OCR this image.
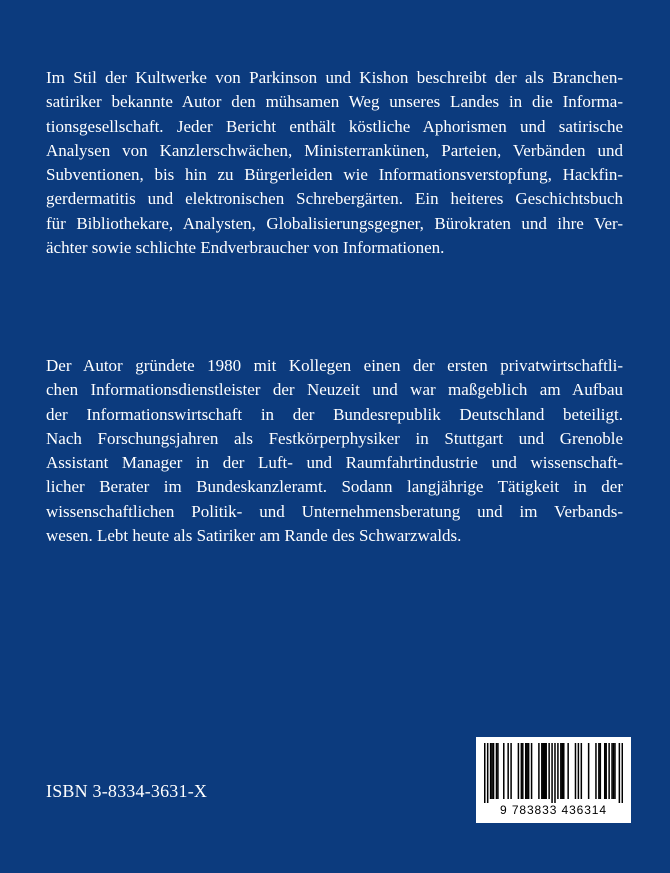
Im Stil der Kultwerke von Parkinson und Kishon beschreibt der als Branchen-
satiriker bekannte Autor den mühsamen Weg unseres Landes in die Informa-
tionsgesellschaft. Jeder Bericht enthält köstliche Aphorismen und satirische
Analysen von Kanzlerschwächen, Ministerrankünen, Parteien, Verbänden und
Subventionen, bis hin zu Bürgerleiden wie Informationsverstopfung, Hackfin-
gerdermatitis und elektronischen Schrebergärten. Ein heiteres Geschichtsbuch
für Bibliothekare, Analysten, Globalisierungsgegner, Bürokraten und ihre Ver-
ächter sowie schlichte Endverbraucher von Informationen.

Der Autor gründete 1980 mit Kollegen einen der ersten privatwirtschaftli-
chen Informationsdienstleister der Neuzeit und war maßgeblich am Aufbau
der Informationswirtschaft in der Bundesrepublik Deutschland beteiligt.
Nach Forschungsjahren als Festkörperphysiker in Stuttgart und Grenoble
Assistant Manager in der Luft- und Raumfahrtindustrie und wissenschaft-
licher Berater im Bundeskanzleramt. Sodann langjährige Tätigkeit in der
wissenschaftlichen Politik- und Unternehmensberatung und im Verbands-
wesen. Lebt heute als Satiriker am Rande des Schwarzwalds.

ISBN 3-8334-3631-X
9 783833 436314
